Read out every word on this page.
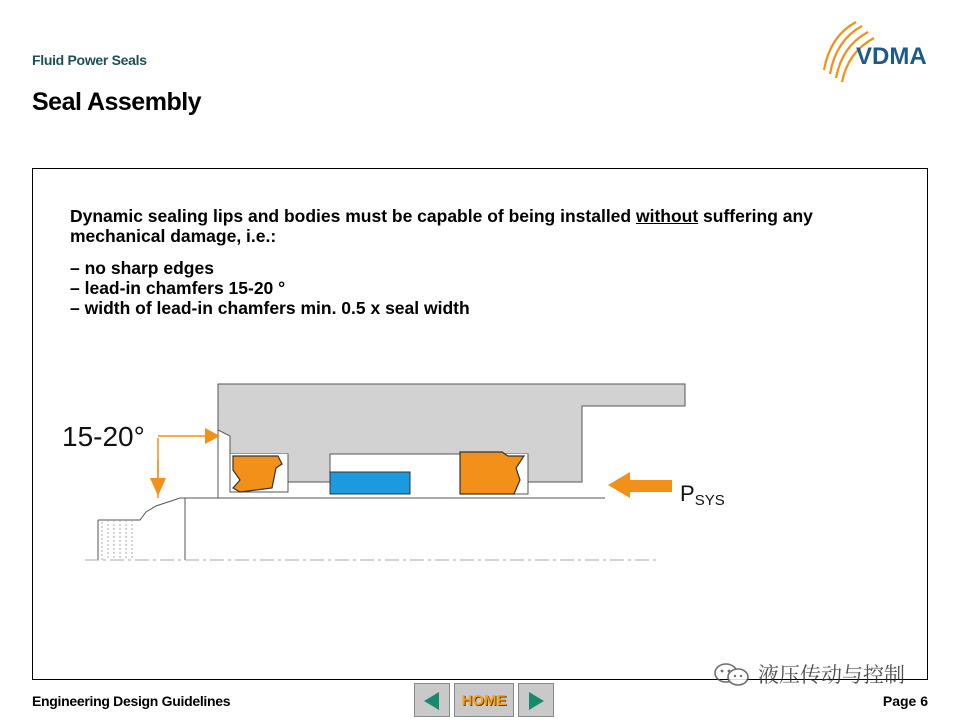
Fluid Power Seals
Seal Assembly
VDMA
Dynamic sealing lips and bodies must be capable of being installed without suffering any mechanical damage, i.e.:
– no sharp edges
– lead-in chamfers 15-20 °
– width of lead-in chamfers min. 0.5 x seal width
15-20°
PSYS
Engineering Design Guidelines	HOME	Page 6
液压传动与控制
